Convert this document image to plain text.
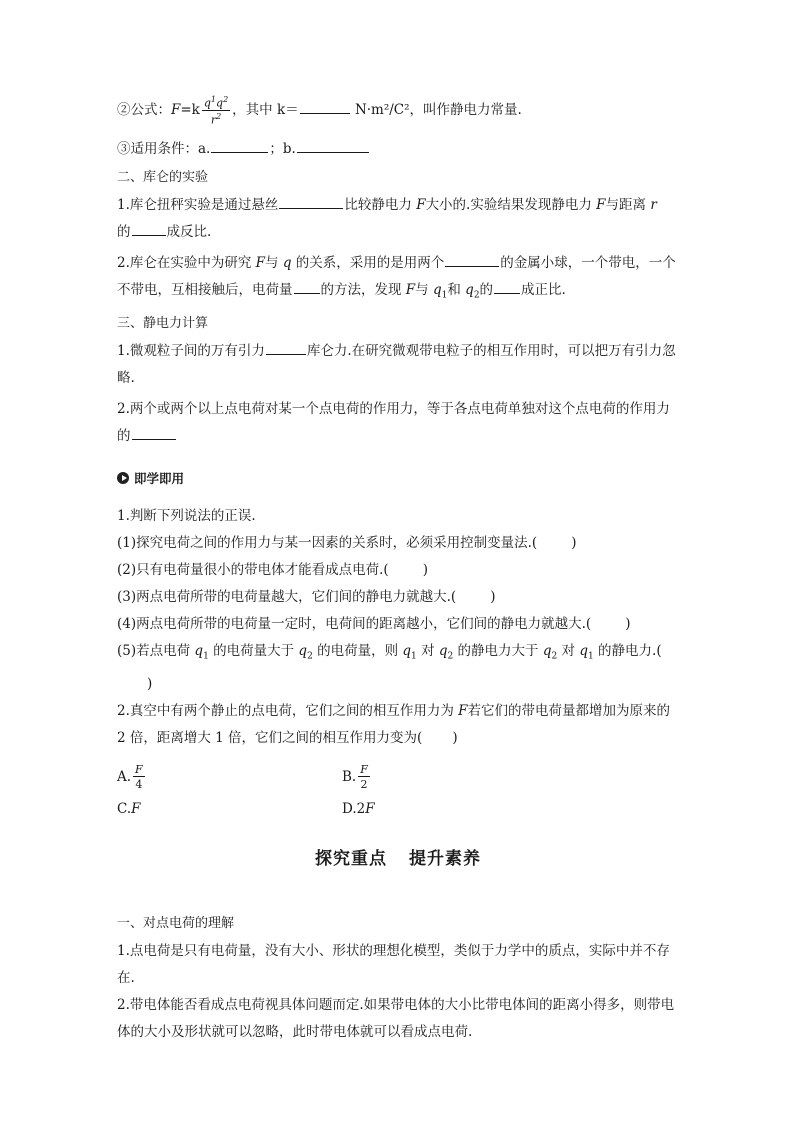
②公式：$F=k \frac{q^1q^2}{r^2}$ ，其中 k＝	N·m²/C²，叫作静电力常量.
③适用条件：a.	；b.
二、库仑的实验

1.库仑扭秤实验是通过悬丝	比较静电力 F大小的.实验结果发现静电力 F与距离 r
的	成反比.

2.库仑在实验中为研究 F与 q 的关系，采用的是用两个	的金属小球，一个带电，一个不带电，互相接触后，电荷量 的方法，发现 F与 $q_1$和 $q_2$的 成正比.

三、静电力计算

1.微观粒子间的万有引力	库仑力.在研究微观带电粒子的相互作用时，可以把万有引力忽略.

2.两个或两个以上点电荷对某一个点电荷的作用力，等于各点电荷单独对这个点电荷的作用力的

即学即用

1.判断下列说法的正误.

(1)探究电荷之间的作用力与某一因素的关系时，必须采用控制变量法.(	)

(2)只有电荷量很小的带电体才能看成点电荷.(	)

(3)两点电荷所带的电荷量越大，它们间的静电力就越大.(	)

(4)两点电荷所带的电荷量一定时，电荷间的距离越小，它们间的静电力就越大.(	)

(5)若点电荷 $q_1$ 的电荷量大于 $q_2$ 的电荷量，则 $q_1$ 对 $q_2$ 的静电力大于 $q_2$ 对 $q_1$ 的静电力.()

2.真空中有两个静止的点电荷，它们之间的相互作用力为 F若它们的带电荷量都增加为原来的 2 倍，距离增大 1 倍，它们之间的相互作用力变为( )

A. $\frac{F}{4}$	B. $\frac{F}{2}$
C. F	D.2 F
探究重点 提升素养
一、对点电荷的理解

1.点电荷是只有电荷量，没有大小、形状的理想化模型，类似于力学中的质点，实际中并不存在.

2.带电体能否看成点电荷视具体问题而定.如果带电体的大小比带电体间的距离小得多，则带电体的大小及形状就可以忽略，此时带电体就可以看成点电荷.
